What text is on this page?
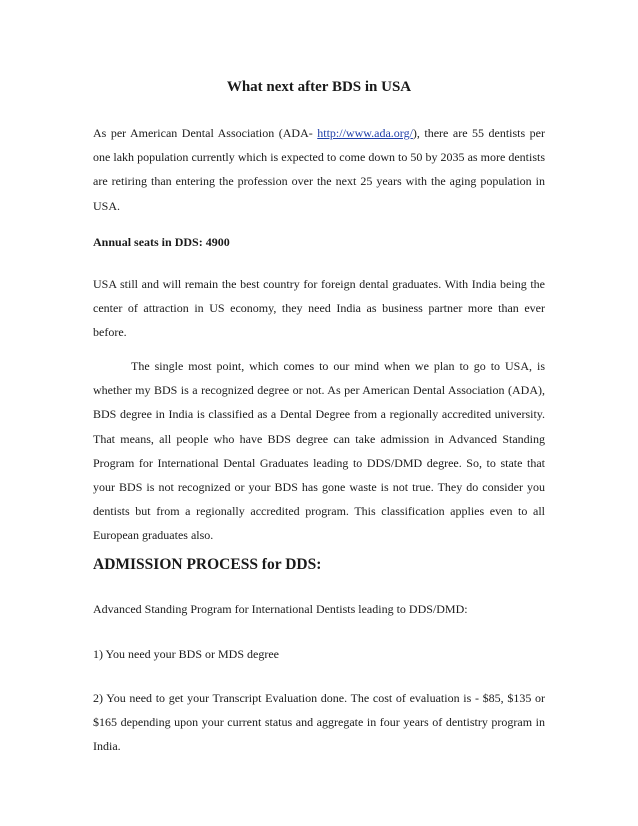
What next after BDS in USA

As per American Dental Association (ADA- http://www.ada.org/), there are 55 dentists per one lakh population currently which is expected to come down to 50 by 2035 as more dentists are retiring than entering the profession over the next 25 years with the aging population in USA.

Annual seats in DDS: 4900

USA still and will remain the best country for foreign dental graduates. With India being the center of attraction in US economy, they need India as business partner more than ever before.

The single most point, which comes to our mind when we plan to go to USA, is whether my BDS is a recognized degree or not. As per American Dental Association (ADA), BDS degree in India is classified as a Dental Degree from a regionally accredited university. That means, all people who have BDS degree can take admission in Advanced Standing Program for International Dental Graduates leading to DDS/DMD degree. So, to state that your BDS is not recognized or your BDS has gone waste is not true. They do consider you dentists but from a regionally accredited program. This classification applies even to all European graduates also.

ADMISSION PROCESS for DDS:

Advanced Standing Program for International Dentists leading to DDS/DMD:

1) You need your BDS or MDS degree

2) You need to get your Transcript Evaluation done. The cost of evaluation is - $85, $135 or $165 depending upon your current status and aggregate in four years of dentistry program in India.
